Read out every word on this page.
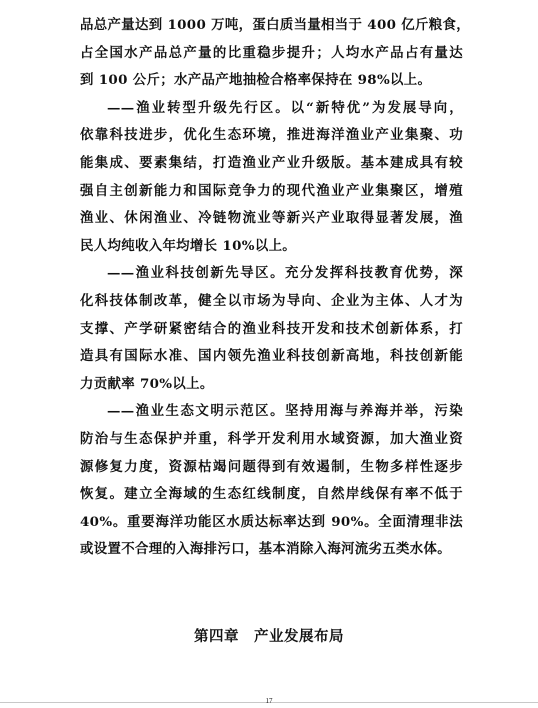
品总产量达到 1000 万吨，蛋白质当量相当于 400 亿斤粮食，
占全国水产品总产量的比重稳步提升；人均水产品占有量达
到 100 公斤；水产品产地抽检合格率保持在 98%以上。
——渔业转型升级先行区。以“新特优”为发展导向，
依靠科技进步，优化生态环境，推进海洋渔业产业集聚、功
能集成、要素集结，打造渔业产业升级版。基本建成具有较
强自主创新能力和国际竞争力的现代渔业产业集聚区，增殖
渔业、休闲渔业、冷链物流业等新兴产业取得显著发展，渔
民人均纯收入年均增长 10%以上。
——渔业科技创新先导区。充分发挥科技教育优势，深
化科技体制改革，健全以市场为导向、企业为主体、人才为
支撑、产学研紧密结合的渔业科技开发和技术创新体系，打
造具有国际水准、国内领先渔业科技创新高地，科技创新能
力贡献率 70%以上。
——渔业生态文明示范区。坚持用海与养海并举，污染
防治与生态保护并重，科学开发利用水域资源，加大渔业资
源修复力度，资源枯竭问题得到有效遏制，生物多样性逐步
恢复。建立全海域的生态红线制度，自然岸线保有率不低于
40%。重要海洋功能区水质达标率达到 90%。全面清理非法
或设置不合理的入海排污口，基本消除入海河流劣五类水体。
第四章　产业发展布局
17
